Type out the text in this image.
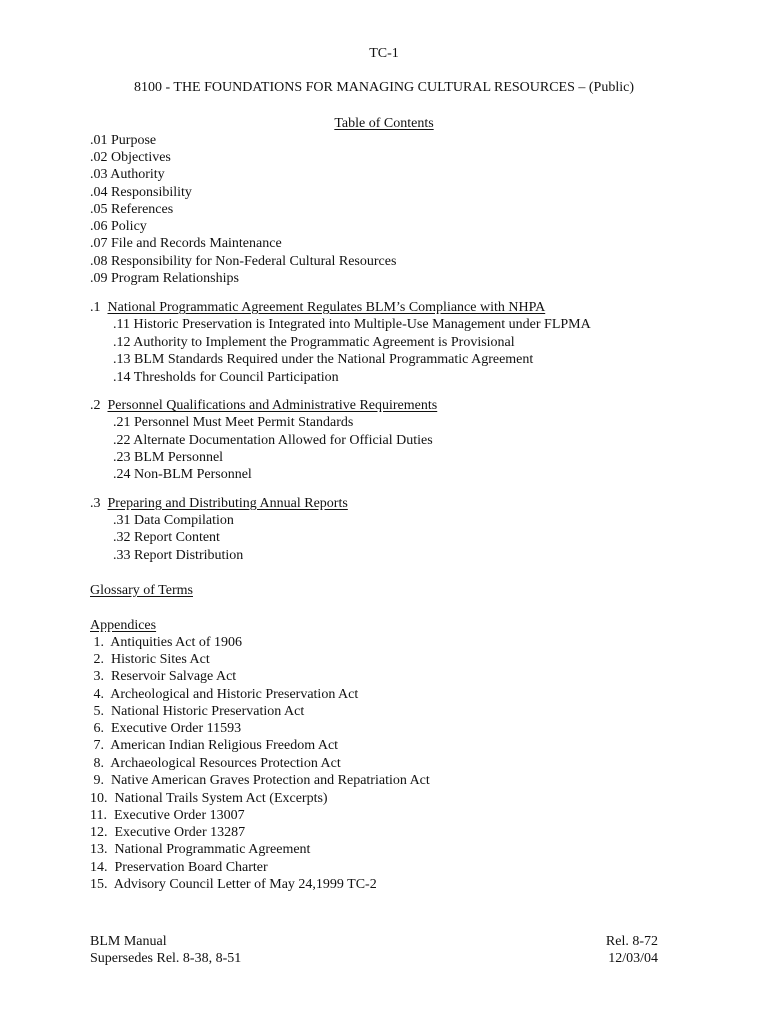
TC-1
8100 - THE FOUNDATIONS FOR MANAGING CULTURAL RESOURCES – (Public)
Table of Contents
.01 Purpose
.02 Objectives
.03 Authority
.04 Responsibility
.05 References
.06 Policy
.07 File and Records Maintenance
.08 Responsibility for Non-Federal Cultural Resources
.09 Program Relationships
.1 National Programmatic Agreement Regulates BLM’s Compliance with NHPA
.11 Historic Preservation is Integrated into Multiple-Use Management under FLPMA
.12 Authority to Implement the Programmatic Agreement is Provisional
.13 BLM Standards Required under the National Programmatic Agreement
.14 Thresholds for Council Participation
.2 Personnel Qualifications and Administrative Requirements
.21 Personnel Must Meet Permit Standards
.22 Alternate Documentation Allowed for Official Duties
.23 BLM Personnel
.24 Non-BLM Personnel
.3 Preparing and Distributing Annual Reports
.31 Data Compilation
.32 Report Content
.33 Report Distribution
Glossary of Terms
Appendices
1.  Antiquities Act of 1906
2.  Historic Sites Act
3.  Reservoir Salvage Act
4.  Archeological and Historic Preservation Act
5.  National Historic Preservation Act
6.  Executive Order 11593
7.  American Indian Religious Freedom Act
8.  Archaeological Resources Protection Act
9.  Native American Graves Protection and Repatriation Act
10.  National Trails System Act (Excerpts)
11.  Executive Order 13007
12.  Executive Order 13287
13.  National Programmatic Agreement
14.  Preservation Board Charter
15.  Advisory Council Letter of May 24,1999 TC-2
BLM Manual
Supersedes Rel. 8-38, 8-51
Rel. 8-72
12/03/04
